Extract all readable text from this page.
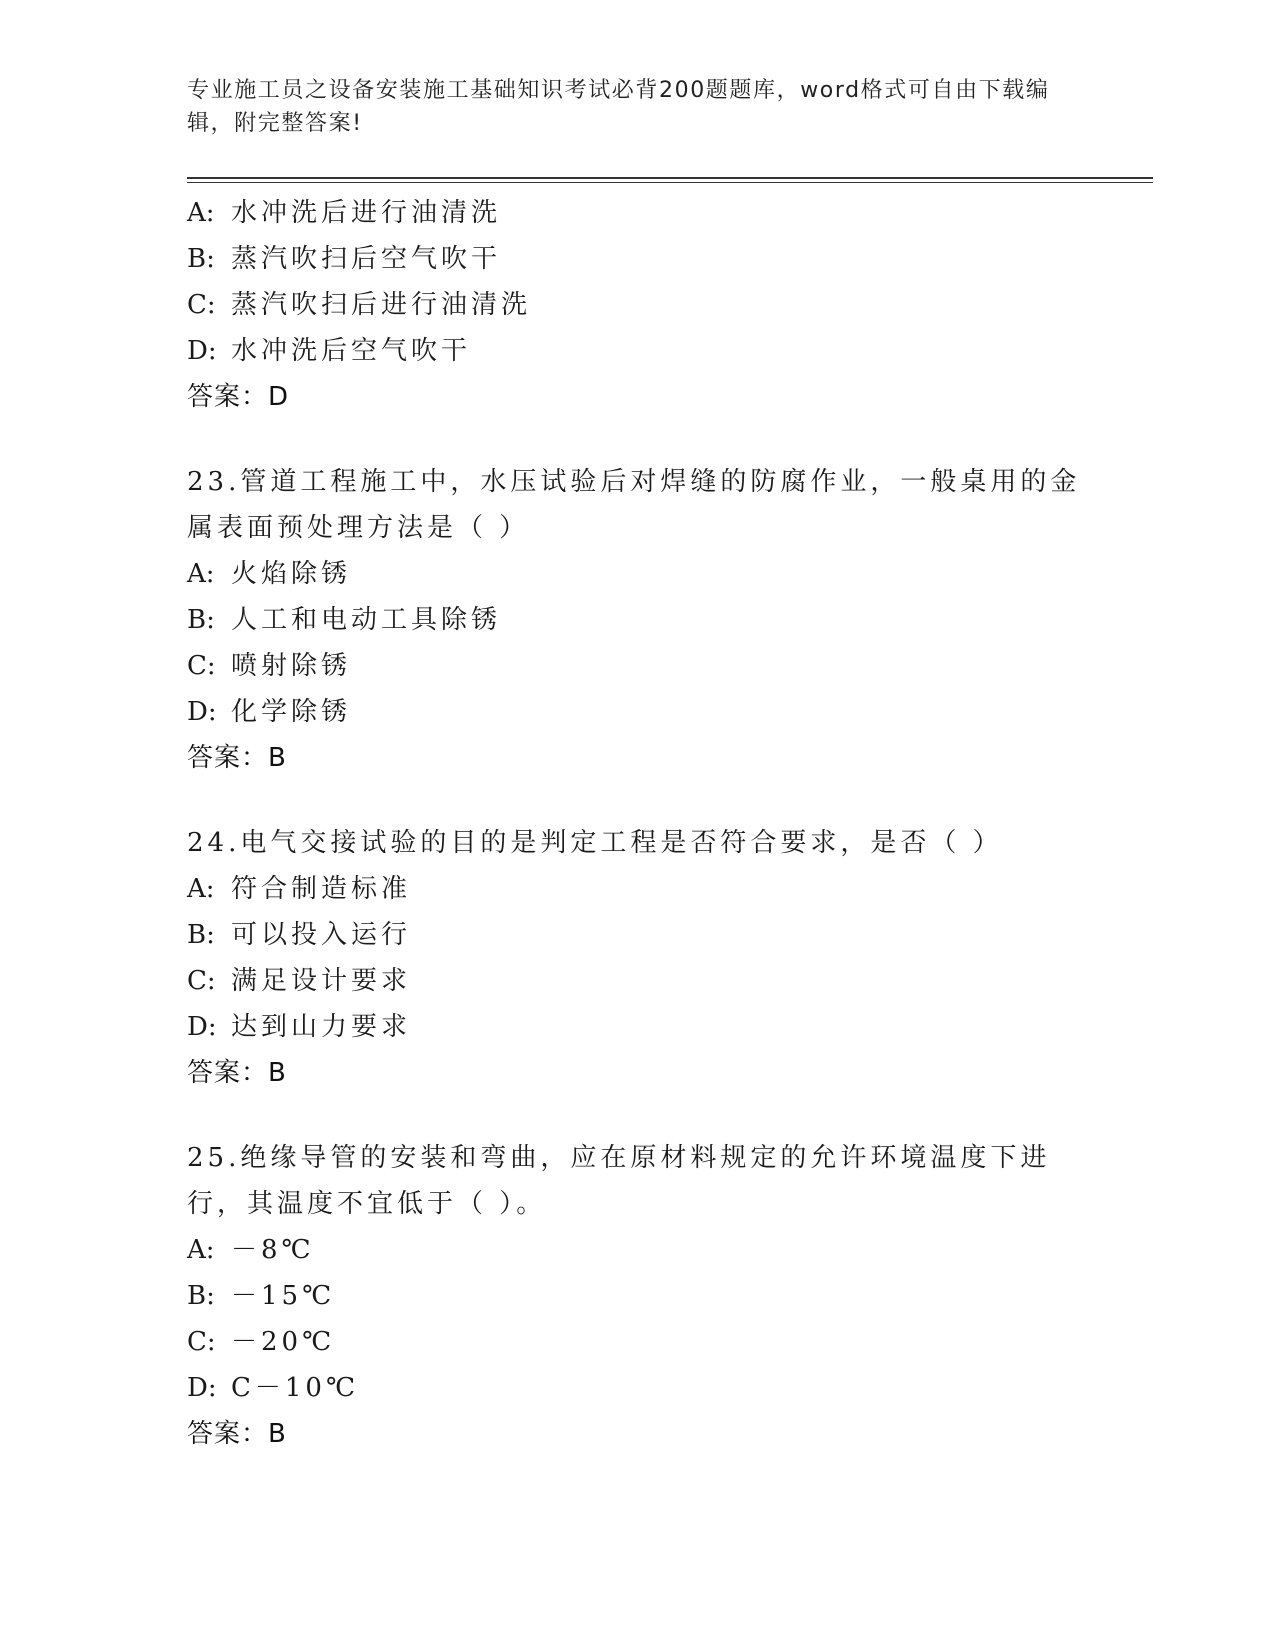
专业施工员之设备安装施工基础知识考试必背200题题库，word格式可自由下载编辑，附完整答案!
A: 水冲洗后进行油清洗
B: 蒸汽吹扫后空气吹干
C: 蒸汽吹扫后进行油清洗
D: 水冲洗后空气吹干
答案：D
23.管道工程施工中，水压试验后对焊缝的防腐作业，一般桌用的金属表面预处理方法是（ ）
A: 火焰除锈
B: 人工和电动工具除锈
C: 喷射除锈
D: 化学除锈
答案：B
24.电气交接试验的目的是判定工程是否符合要求，是否（ ）
A: 符合制造标准
B: 可以投入运行
C: 满足设计要求
D: 达到山力要求
答案：B
25.绝缘导管的安装和弯曲，应在原材料规定的允许环境温度下进行，其温度不宜低于（ ）。
A: －8℃
B: －15℃
C: －20℃
D: C－10℃
答案：B
